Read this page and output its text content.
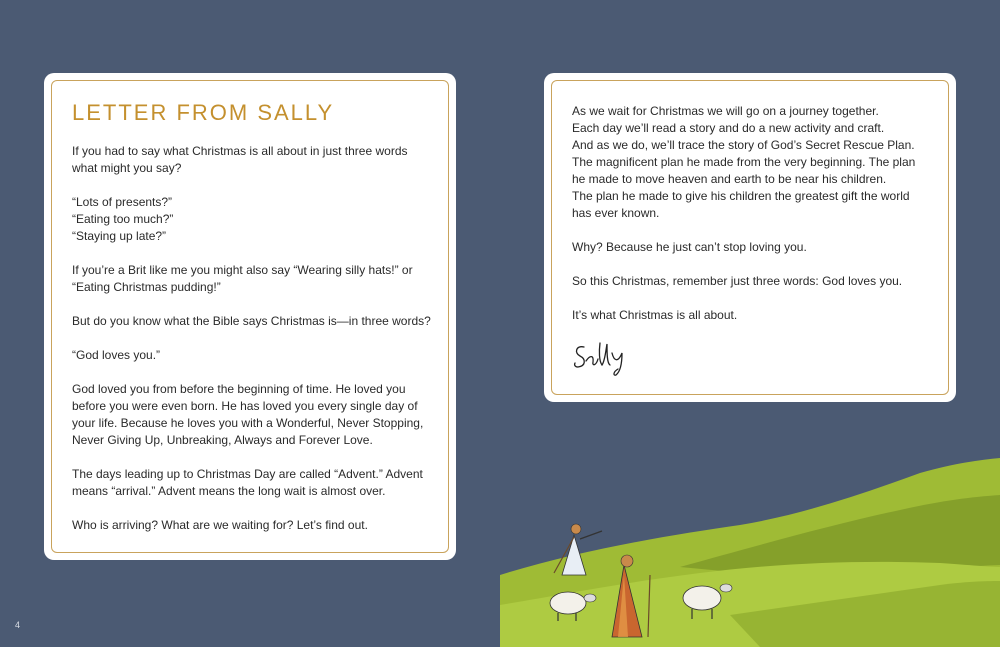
LETTER FROM SALLY

If you had to say what Christmas is all about in just three words
what might you say?

“Lots of presents?”
“Eating too much?”
“Staying up late?”

If you’re a Brit like me you might also say “Wearing silly hats!” or
“Eating Christmas pudding!”

But do you know what the Bible says Christmas is—in three words?

“God loves you.”

God loved you from before the beginning of time. He loved you
before you were even born. He has loved you every single day of
your life. Because he loves you with a Wonderful, Never Stopping,
Never Giving Up, Unbreaking, Always and Forever Love.

The days leading up to Christmas Day are called “Advent.” Advent
means “arrival.” Advent means the long wait is almost over.

Who is arriving? What are we waiting for? Let’s find out.

As we wait for Christmas we will go on a journey together.
Each day we’ll read a story and do a new activity and craft.
And as we do, we’ll trace the story of God’s Secret Rescue Plan.
The magnificent plan he made from the very beginning. The plan
he made to move heaven and earth to be near his children.
The plan he made to give his children the greatest gift the world
has ever known.

Why? Because he just can’t stop loving you.

So this Christmas, remember just three words: God loves you.

It’s what Christmas is all about.

4
